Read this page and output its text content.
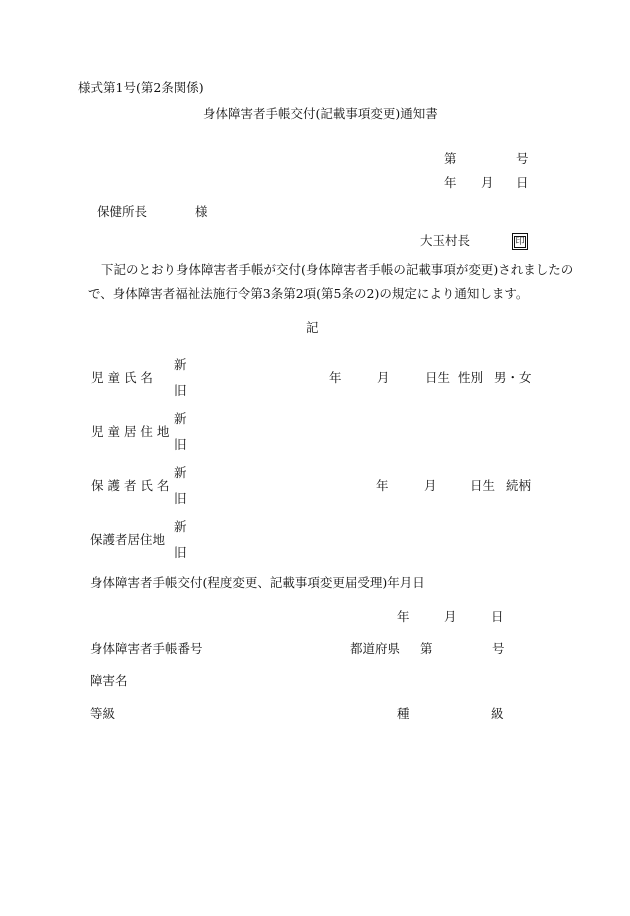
様式第1号(第2条関係)
身体障害者手帳交付(記載事項変更)通知書
第	号
年 月 日
保健所長	様
大玉村長	印
下記のとおり身体障害者手帳が交付(身体障害者手帳の記載事項が変更)されましたの
で、身体障害者福祉法施行令第3条第2項(第5条の2)の規定により通知します。
記
新
児 童 氏 名	年	月	日生 性別 男・女
旧
新
児 童 居 住 地
旧
新
保 護 者 氏 名	年	月	日生 続柄
旧
新
保護者居住地
旧
身体障害者手帳交付(程度変更、記載事項変更届受理)年月日
年	月	日
身体障害者手帳番号	都道府県 第	号
障害名
等級	種	級
